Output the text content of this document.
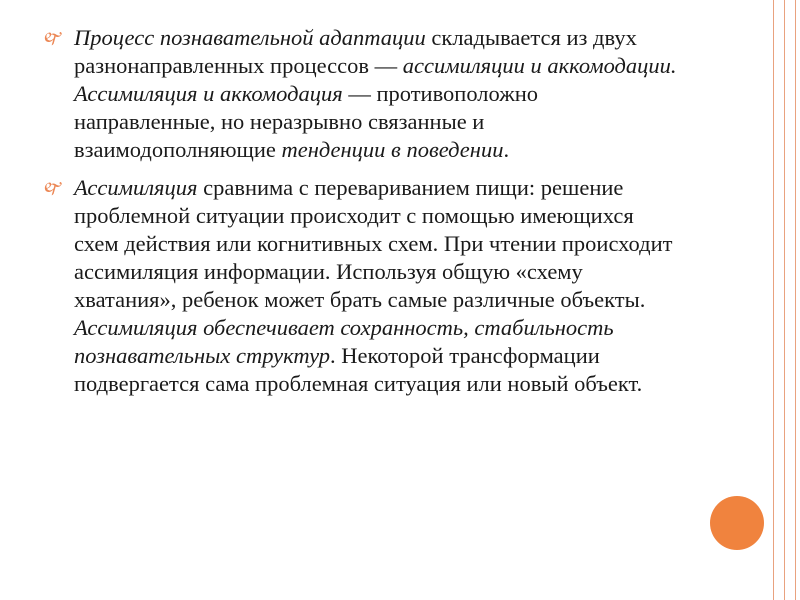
🙰 Процесс познавательной адаптации складывается из двух разнонаправленных процессов — ассимиляции и аккомодации. Ассимиляция и аккомодация — противоположно направленные, но неразрывно связанные и взаимодополняющие тенденции в поведении.

🙰 Ассимиляция сравнима с перевариванием пищи: решение проблемной ситуации происходит с помощью имеющихся схем действия или когнитивных схем. При чтении происходит ассимиляция информации. Используя общую «схему хватания», ребенок может брать самые различные объекты. Ассимиляция обеспечивает сохранность, стабильность познавательных структур. Некоторой трансформации подвергается сама проблемная ситуация или новый объект.
